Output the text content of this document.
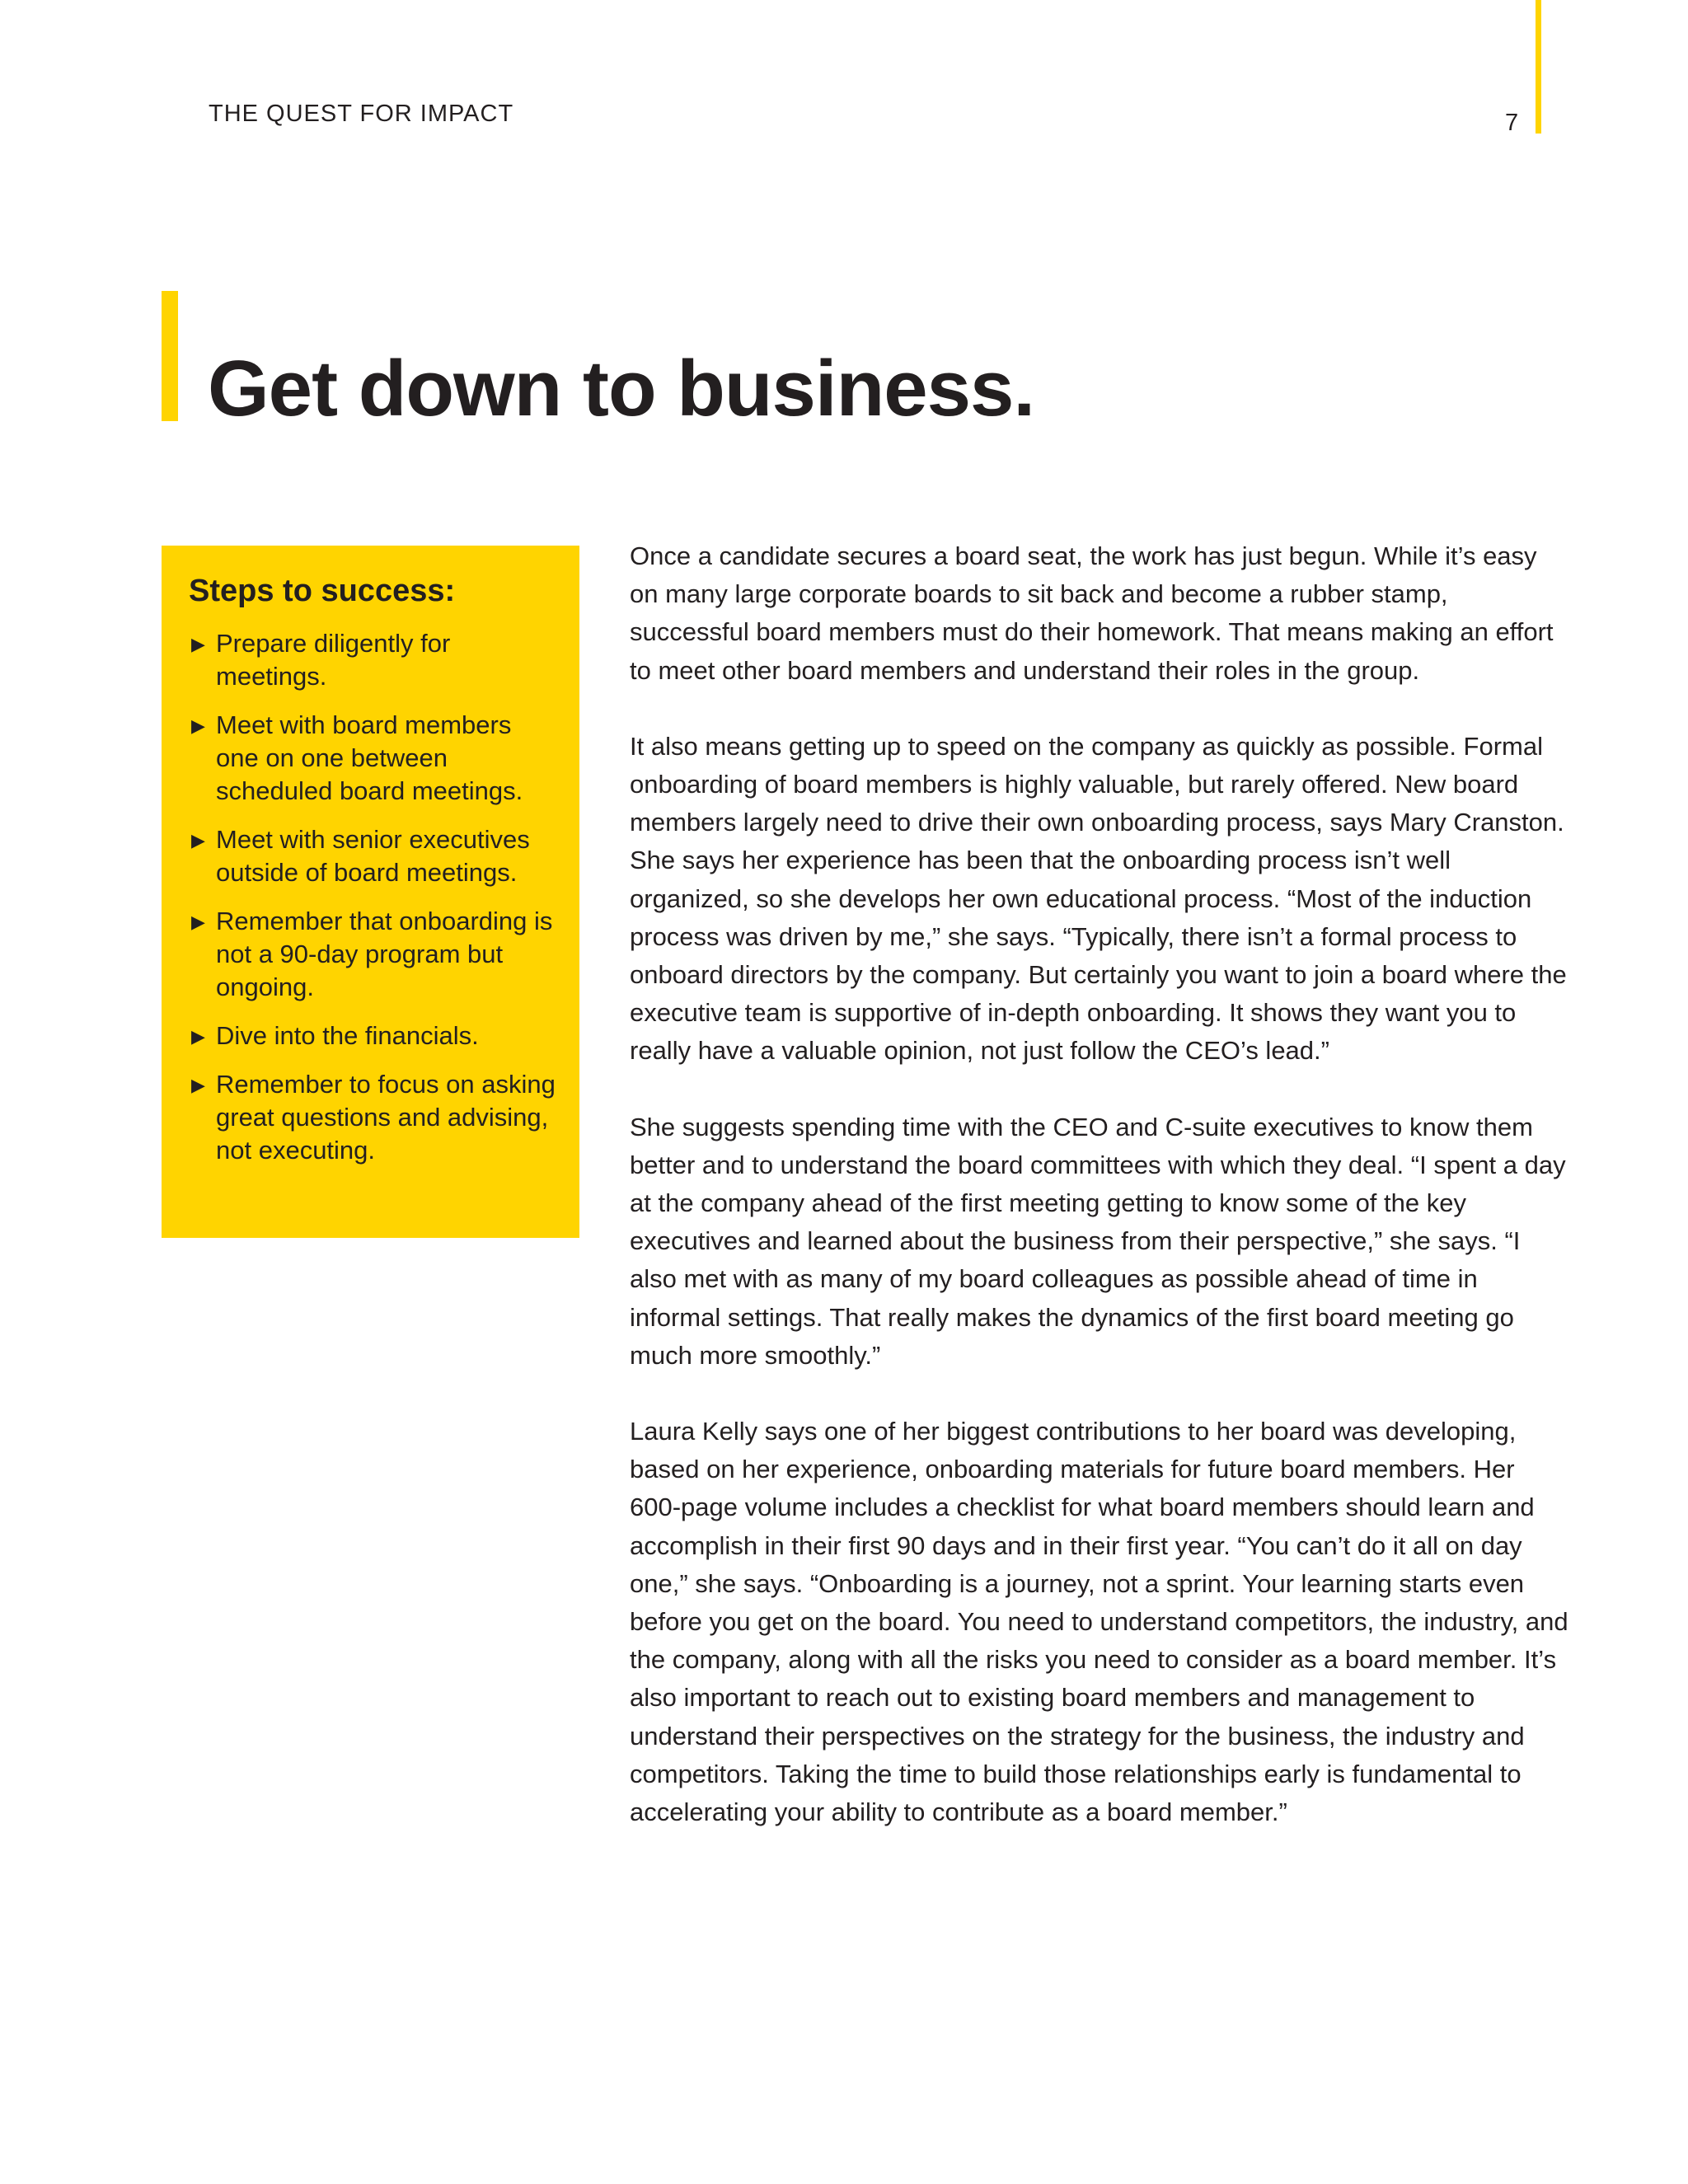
THE QUEST FOR IMPACT	7
Get down to business.
Steps to success:
▶ Prepare diligently for meetings.
▶ Meet with board members one on one between scheduled board meetings.
▶ Meet with senior executives outside of board meetings.
▶ Remember that onboarding is not a 90-day program but ongoing.
▶ Dive into the financials.
▶ Remember to focus on asking great questions and advising, not executing.

Once a candidate secures a board seat, the work has just begun. While it’s easy on many large corporate boards to sit back and become a rubber stamp, successful board members must do their homework. That means making an effort to meet other board members and understand their roles in the group.

It also means getting up to speed on the company as quickly as possible. Formal onboarding of board members is highly valuable, but rarely offered. New board members largely need to drive their own onboarding process, says Mary Cranston. She says her experience has been that the onboarding process isn’t well organized, so she develops her own educational process. “Most of the induction process was driven by me,” she says. “Typically, there isn’t a formal process to onboard directors by the company. But certainly you want to join a board where the executive team is supportive of in-depth onboarding. It shows they want you to really have a valuable opinion, not just follow the CEO’s lead.”

She suggests spending time with the CEO and C-suite executives to know them better and to understand the board committees with which they deal. “I spent a day at the company ahead of the first meeting getting to know some of the key executives and learned about the business from their perspective,” she says. “I also met with as many of my board colleagues as possible ahead of time in informal settings. That really makes the dynamics of the first board meeting go much more smoothly.”

Laura Kelly says one of her biggest contributions to her board was developing, based on her experience, onboarding materials for future board members. Her 600-page volume includes a checklist for what board members should learn and accomplish in their first 90 days and in their first year. “You can’t do it all on day one,” she says. “Onboarding is a journey, not a sprint. Your learning starts even before you get on the board. You need to understand competitors, the industry, and the company, along with all the risks you need to consider as a board member. It’s also important to reach out to existing board members and management to understand their perspectives on the strategy for the business, the industry and competitors. Taking the time to build those relationships early is fundamental to accelerating your ability to contribute as a board member.”
